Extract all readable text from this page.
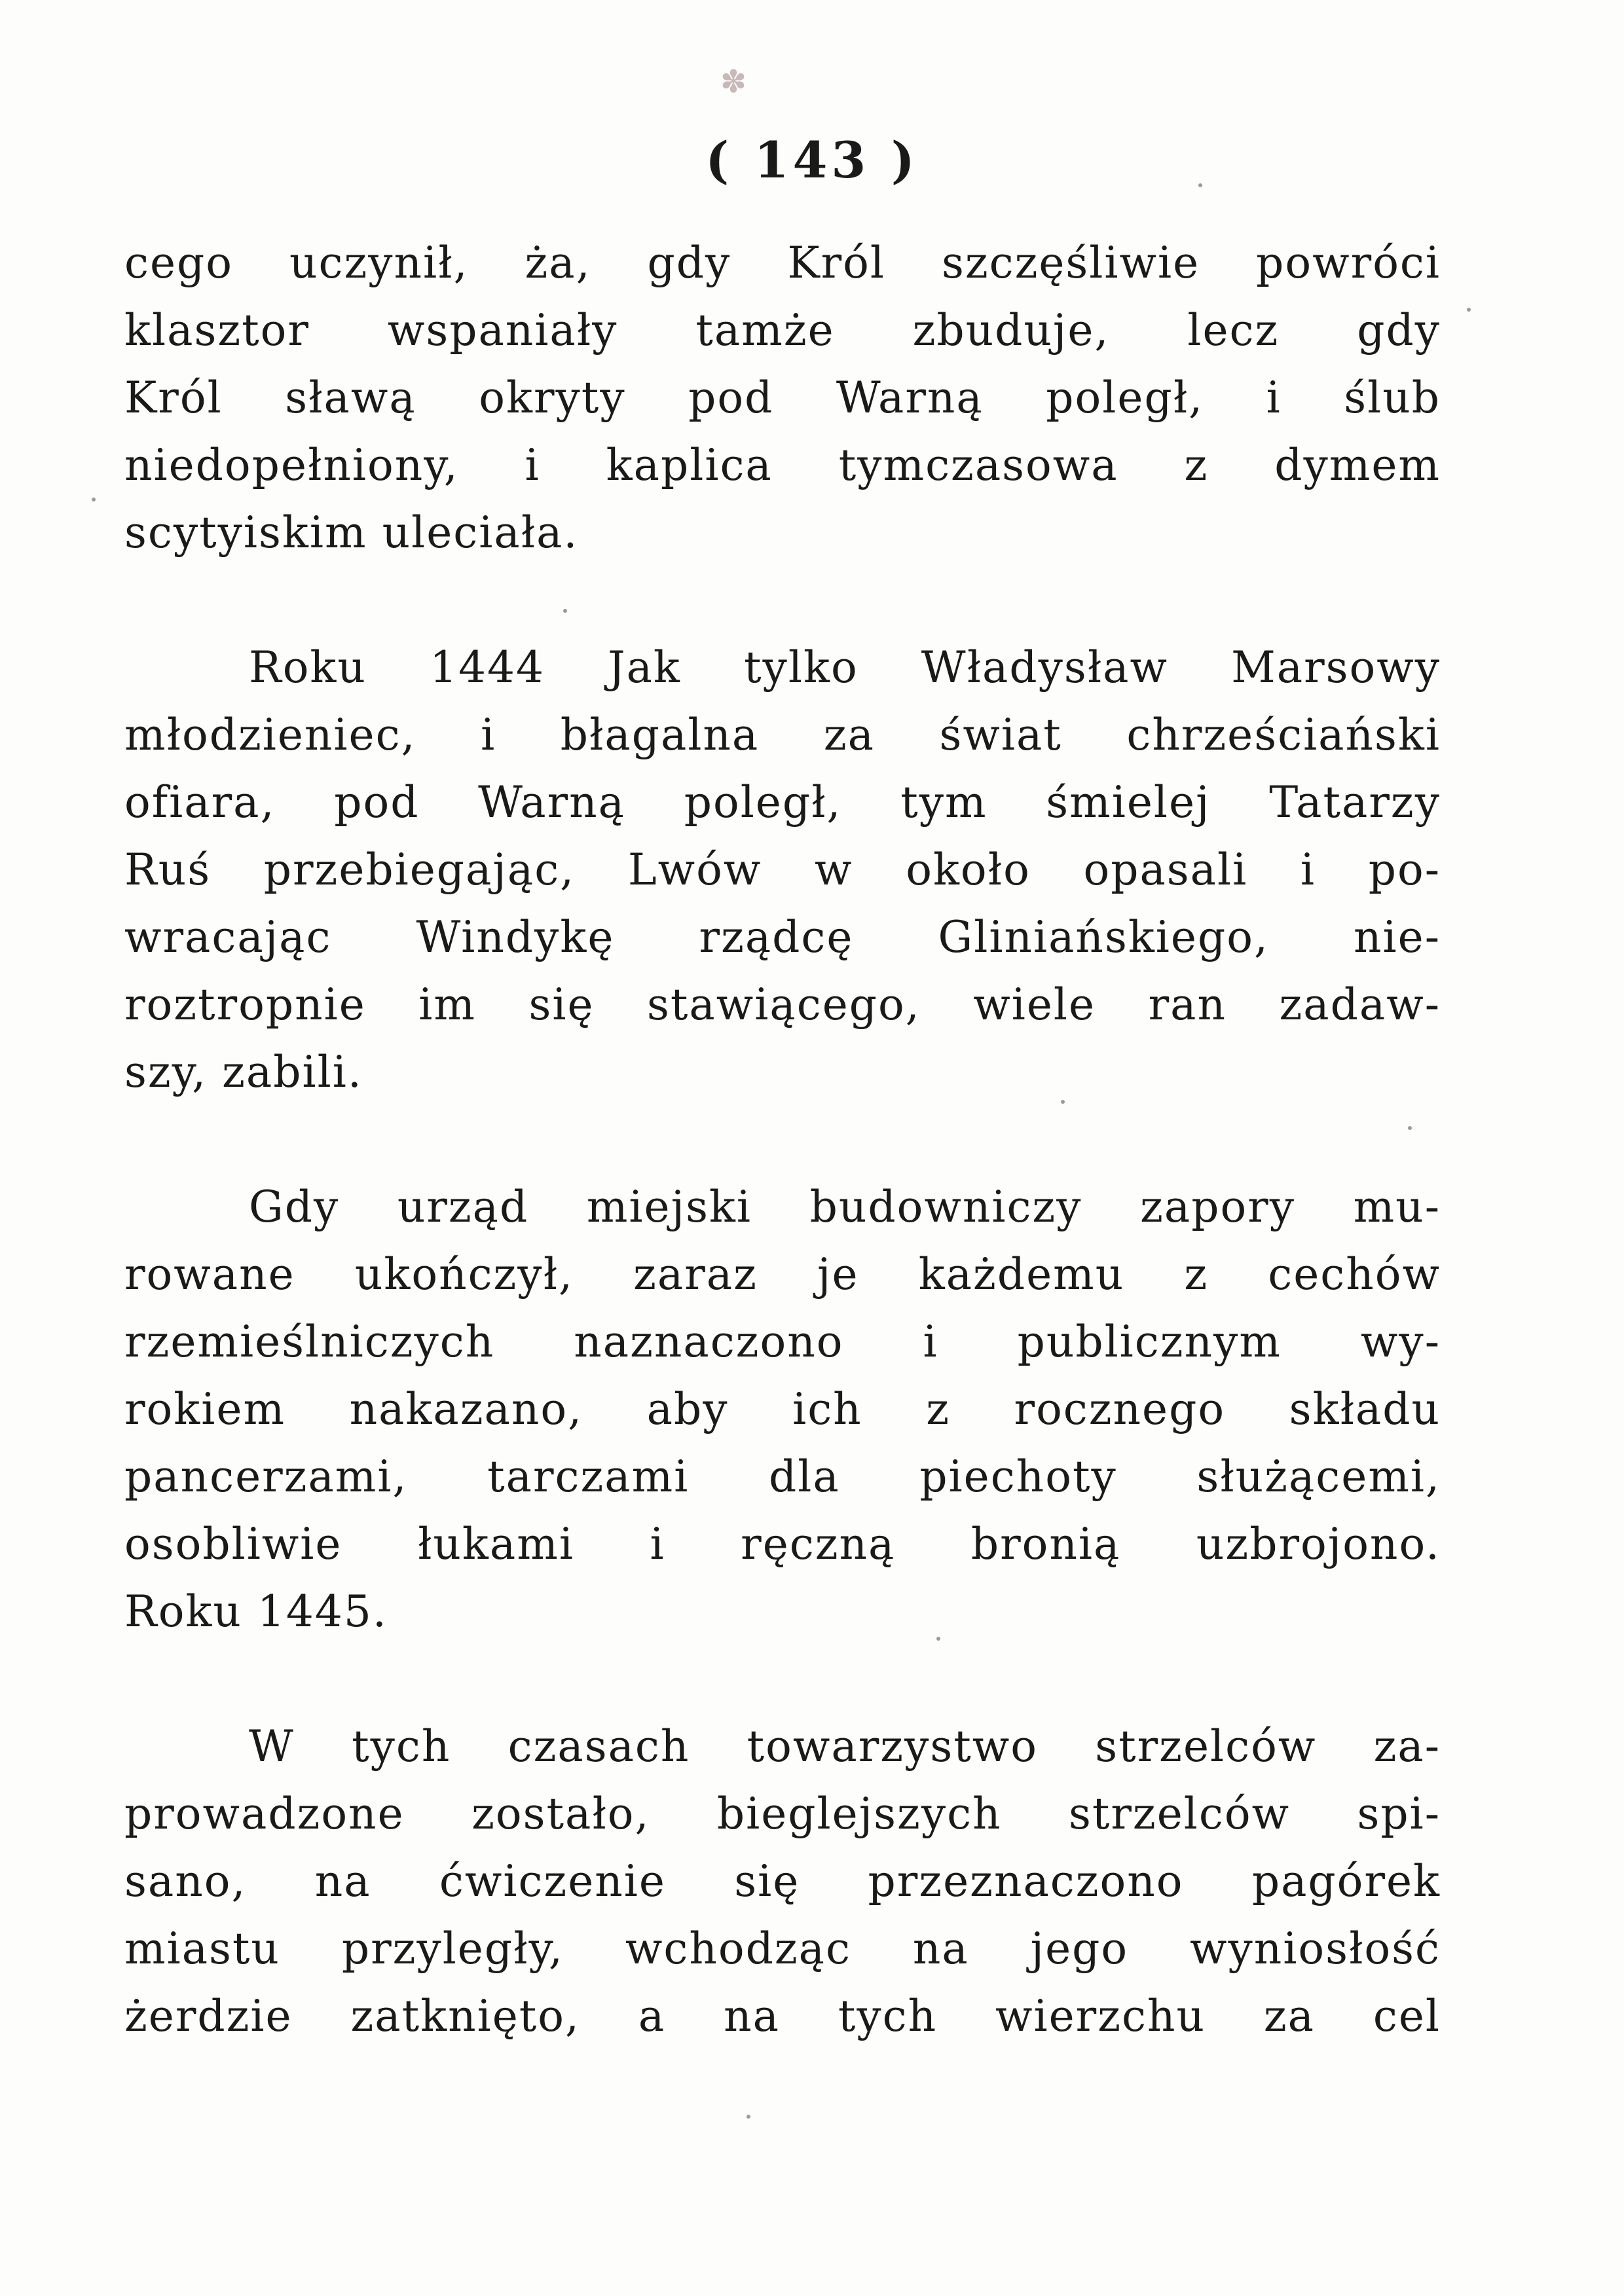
✽
( 143 )
cego uczynił, ża, gdy Król szczęśliwie powróci
klasztor wspaniały tamże zbuduje, lecz gdy
Król sławą okryty pod Warną poległ, i ślub
niedopełniony, i kaplica tymczasowa z dymem
scytyiskim uleciała.
Roku 1444 Jak tylko Władysław Marsowy
młodzieniec, i błagalna za świat chrześciański
ofiara, pod Warną poległ, tym śmielej Tatarzy
Ruś przebiegając, Lwów w około opasali i po-
wracając Windykę rządcę Gliniańskiego, nie-
roztropnie im się stawiącego, wiele ran zadaw-
szy, zabili.
Gdy urząd miejski budowniczy zapory mu-
rowane ukończył, zaraz je każdemu z cechów
rzemieślniczych naznaczono i publicznym wy-
rokiem nakazano, aby ich z rocznego składu
pancerzami, tarczami dla piechoty służącemi,
osobliwie łukami i ręczną bronią uzbrojono.
Roku 1445.
W tych czasach towarzystwo strzelców za-
prowadzone zostało, bieglejszych strzelców spi-
sano, na ćwiczenie się przeznaczono pagórek
miastu przyległy, wchodząc na jego wyniosłość
żerdzie zatknięto, a na tych wierzchu za cel
